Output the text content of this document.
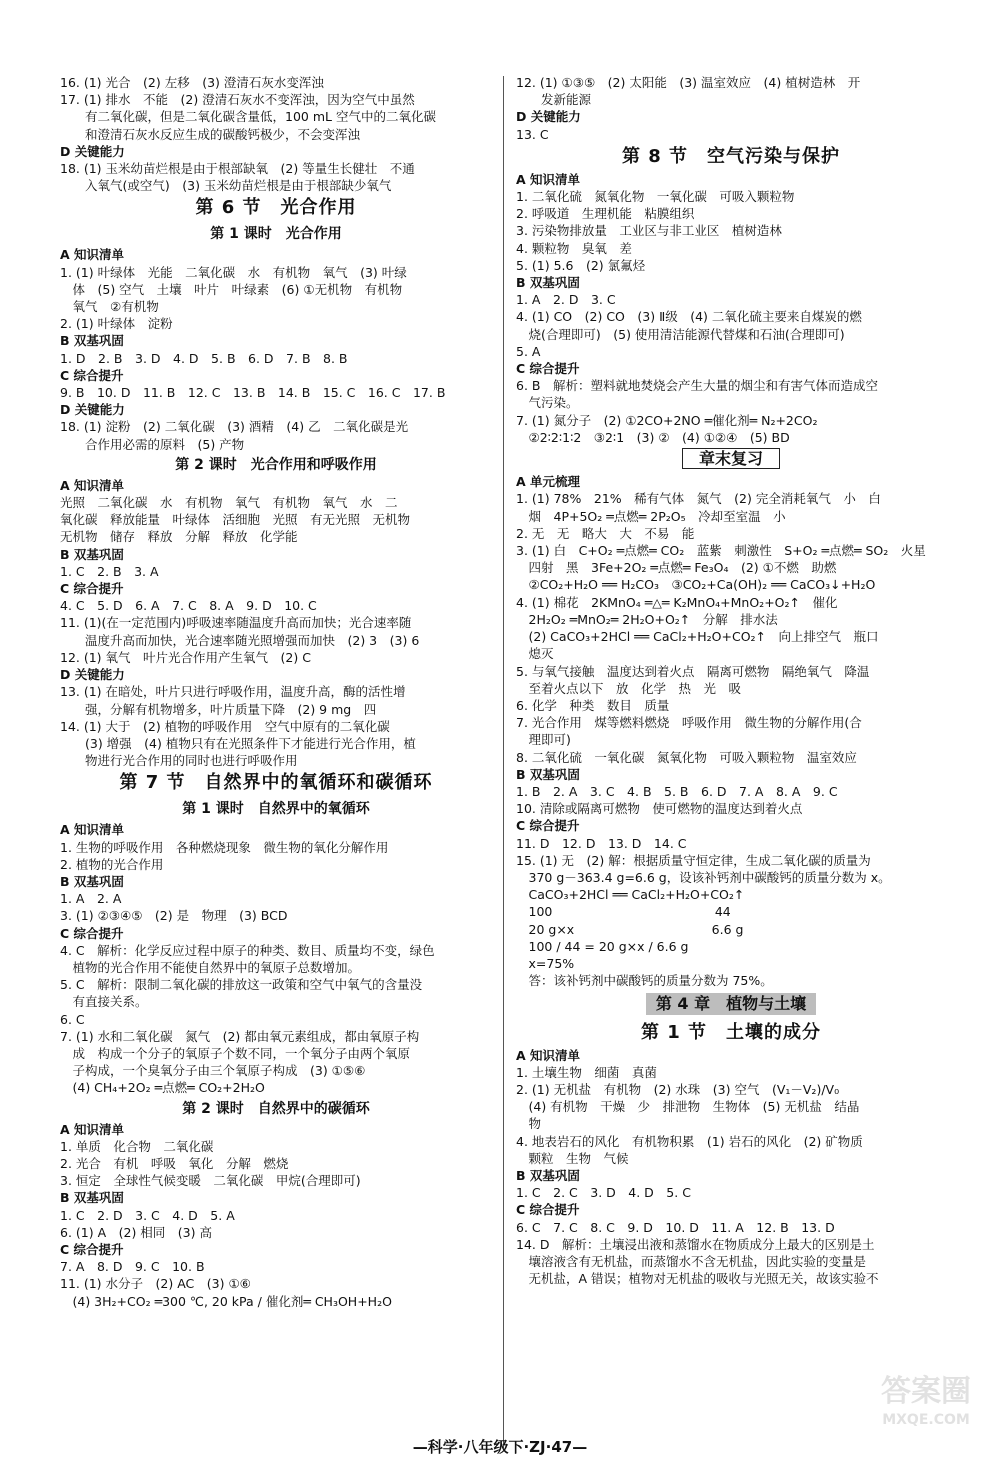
16. (1) 光合　(2) 左移　(3) 澄清石灰水变浑浊
17. (1) 排水　不能　(2) 澄清石灰水不变浑浊，因为空气中虽然
　　有二氧化碳，但是二氧化碳含量低，100 mL 空气中的二氧化碳
　　和澄清石灰水反应生成的碳酸钙极少，不会变浑浊
D 关键能力
18. (1) 玉米幼苗烂根是由于根部缺氧　(2) 等量生长健壮　不通
　　入氧气(或空气)　(3) 玉米幼苗烂根是由于根部缺少氧气
第 6 节　光合作用
第 1 课时　光合作用
A 知识清单
1. (1) 叶绿体　光能　二氧化碳　水　有机物　氧气　(3) 叶绿
　体　(5) 空气　土壤　叶片　叶绿素　(6) ①无机物　有机物
　氧气　②有机物
2. (1) 叶绿体　淀粉
B 双基巩固
1. D　2. B　3. D　4. D　5. B　6. D　7. B　8. B
C 综合提升
9. B　10. D　11. B　12. C　13. B　14. B　15. C　16. C　17. B
D 关键能力
18. (1) 淀粉　(2) 二氧化碳　(3) 酒精　(4) 乙　二氧化碳是光
　　合作用必需的原料　(5) 产物
第 2 课时　光合作用和呼吸作用
A 知识清单
光照　二氧化碳　水　有机物　氧气　有机物　氧气　水　二
氧化碳　释放能量　叶绿体　活细胞　光照　有无光照　无机物
无机物　储存　释放　分解　释放　化学能
B 双基巩固
1. C　2. B　3. A
C 综合提升
4. C　5. D　6. A　7. C　8. A　9. D　10. C
11. (1)(在一定范围内)呼吸速率随温度升高而加快；光合速率随
　　温度升高而加快，光合速率随光照增强而加快　(2) 3　(3) 6
12. (1) 氧气　叶片光合作用产生氧气　(2) C
D 关键能力
13. (1) 在暗处，叶片只进行呼吸作用，温度升高，酶的活性增
　　强，分解有机物增多，叶片质量下降　(2) 9 mg　四
14. (1) 大于　(2) 植物的呼吸作用　空气中原有的二氧化碳
　　(3) 增强　(4) 植物只有在光照条件下才能进行光合作用，植
　　物进行光合作用的同时也进行呼吸作用
第 7 节　自然界中的氧循环和碳循环
第 1 课时　自然界中的氧循环
A 知识清单
1. 生物的呼吸作用　各种燃烧现象　微生物的氧化分解作用
2. 植物的光合作用
B 双基巩固
1. A　2. A
3. (1) ②③④⑤　(2) 是　物理　(3) BCD
C 综合提升
4. C　解析：化学反应过程中原子的种类、数目、质量均不变，绿色
　植物的光合作用不能使自然界中的氧原子总数增加。
5. C　解析：限制二氧化碳的排放这一政策和空气中氧气的含量没
　有直接关系。
6. C
7. (1) 水和二氧化碳　氮气　(2) 都由氧元素组成，都由氧原子构
　成　构成一个分子的氧原子个数不同，一个氧分子由两个氧原
　子构成，一个臭氧分子由三个氧原子构成　(3) ①⑤⑥
　(4) CH₄+2O₂ ═点燃═ CO₂+2H₂O
第 2 课时　自然界中的碳循环
A 知识清单
1. 单质　化合物　二氧化碳
2. 光合　有机　呼吸　氧化　分解　燃烧
3. 恒定　全球性气候变暖　二氧化碳　甲烷(合理即可)
B 双基巩固
1. C　2. D　3. C　4. D　5. A
6. (1) A　(2) 相同　(3) 高
C 综合提升
7. A　8. D　9. C　10. B
11. (1) 水分子　(2) AC　(3) ①⑥
　(4) 3H₂+CO₂ ═300 ℃, 20 kPa / 催化剂═ CH₃OH+H₂O
12. (1) ①③⑤　(2) 太阳能　(3) 温室效应　(4) 植树造林　开
　　发新能源
D 关键能力
13. C
第 8 节　空气污染与保护
A 知识清单
1. 二氧化硫　氮氧化物　一氧化碳　可吸入颗粒物
2. 呼吸道　生理机能　粘膜组织
3. 污染物排放量　工业区与非工业区　植树造林
4. 颗粒物　臭氧　差
5. (1) 5.6　(2) 氯氟烃
B 双基巩固
1. A　2. D　3. C
4. (1) CO　(2) CO　(3) Ⅱ级　(4) 二氧化硫主要来自煤炭的燃
　烧(合理即可)　(5) 使用清洁能源代替煤和石油(合理即可)
5. A
C 综合提升
6. B　解析：塑料就地焚烧会产生大量的烟尘和有害气体而造成空
　气污染。
7. (1) 氮分子　(2) ①2CO+2NO ═催化剂═ N₂+2CO₂
　②2∶2∶1∶2　③2∶1　(3) ②　(4) ①②④　(5) BD
章末复习
A 单元梳理
1. (1) 78%　21%　稀有气体　氮气　(2) 完全消耗氧气　小　白
　烟　4P+5O₂ ═点燃═ 2P₂O₅　冷却至室温　小
2. 无　无　略大　大　不易　能
3. (1) 白　C+O₂ ═点燃═ CO₂　蓝紫　刺激性　S+O₂ ═点燃═ SO₂　火星
　四射　黑　3Fe+2O₂ ═点燃═ Fe₃O₄　(2) ①不燃　助燃
　②CO₂+H₂O ══ H₂CO₃　③CO₂+Ca(OH)₂ ══ CaCO₃↓+H₂O
4. (1) 棉花　2KMnO₄ ═△═ K₂MnO₄+MnO₂+O₂↑　催化
　2H₂O₂ ═MnO₂═ 2H₂O+O₂↑　分解　排水法
　(2) CaCO₃+2HCl ══ CaCl₂+H₂O+CO₂↑　向上排空气　瓶口
　熄灭
5. 与氧气接触　温度达到着火点　隔离可燃物　隔绝氧气　降温
　至着火点以下　放　化学　热　光　吸
6. 化学　种类　数目　质量
7. 光合作用　煤等燃料燃烧　呼吸作用　微生物的分解作用(合
　理即可)
8. 二氧化硫　一氧化碳　氮氧化物　可吸入颗粒物　温室效应
B 双基巩固
1. B　2. A　3. C　4. B　5. B　6. D　7. A　8. A　9. C
10. 清除或隔离可燃物　使可燃物的温度达到着火点
C 综合提升
11. D　12. D　13. D　14. C
15. (1) 无　(2) 解：根据质量守恒定律，生成二氧化碳的质量为
　370 g－363.4 g=6.6 g，设该补钙剂中碳酸钙的质量分数为 x。
　CaCO₃+2HCl ══ CaCl₂+H₂O+CO₂↑
　100　　　　　　　　　　　　　44
　20 g×x　　　　　　　　　　　6.6 g
　100 / 44 = 20 g×x / 6.6 g
　x=75%
　答：该补钙剂中碳酸钙的质量分数为 75%。
第 4 章　植物与土壤
第 1 节　土壤的成分
A 知识清单
1. 土壤生物　细菌　真菌
2. (1) 无机盐　有机物　(2) 水珠　(3) 空气　(V₁－V₂)/V₀
　(4) 有机物　干燥　少　排泄物　生物体　(5) 无机盐　结晶
　物
4. 地表岩石的风化　有机物积累　(1) 岩石的风化　(2) 矿物质
　颗粒　生物　气候
B 双基巩固
1. C　2. C　3. D　4. D　5. C
C 综合提升
6. C　7. C　8. C　9. D　10. D　11. A　12. B　13. D
14. D　解析：土壤浸出液和蒸馏水在物质成分上最大的区别是土
　壤溶液含有无机盐，而蒸馏水不含无机盐，因此实验的变量是
　无机盐，A 错误；植物对无机盐的吸收与光照无关，故该实验不
—科学·八年级下·ZJ·47—
答案圈
MXQE.COM
